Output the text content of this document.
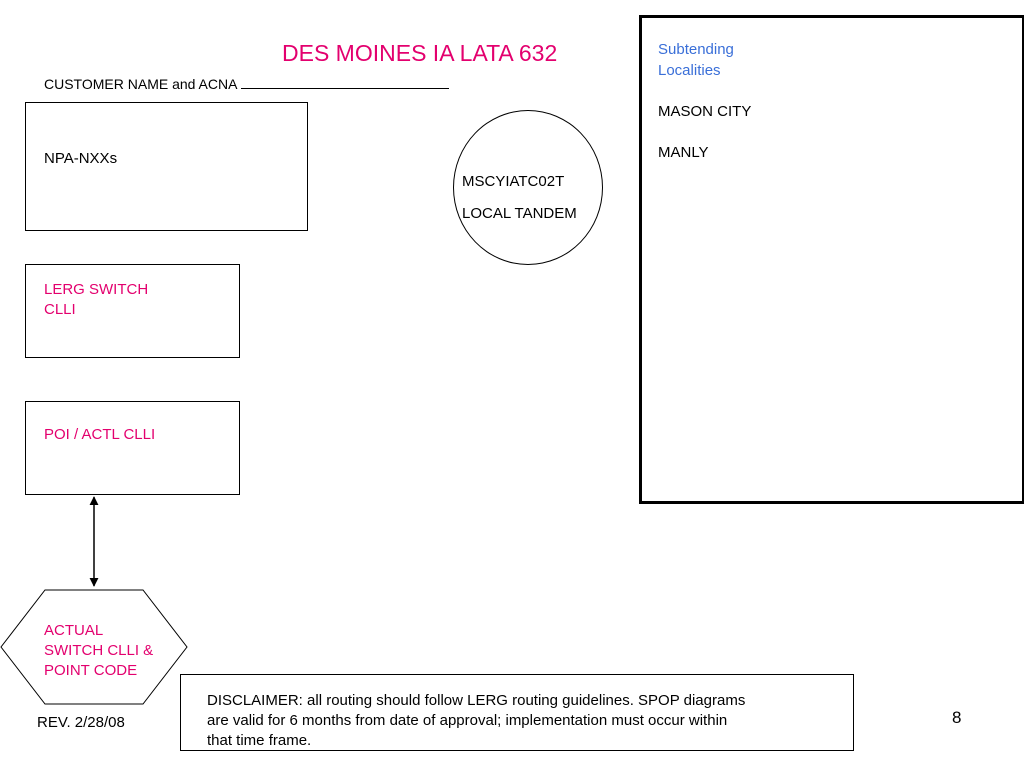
DES MOINES IA LATA 632
CUSTOMER NAME and ACNA
NPA-NXXs
LERG SWITCH
CLLI
POI / ACTL CLLI
MSCYIATC02T
LOCAL TANDEM
Subtending
Localities
MASON CITY
MANLY
ACTUAL
SWITCH CLLI &
POINT CODE
DISCLAIMER: all routing should follow LERG routing guidelines. SPOP diagrams
are valid for 6 months from date of approval; implementation must occur within
that time frame.
REV. 2/28/08	8
